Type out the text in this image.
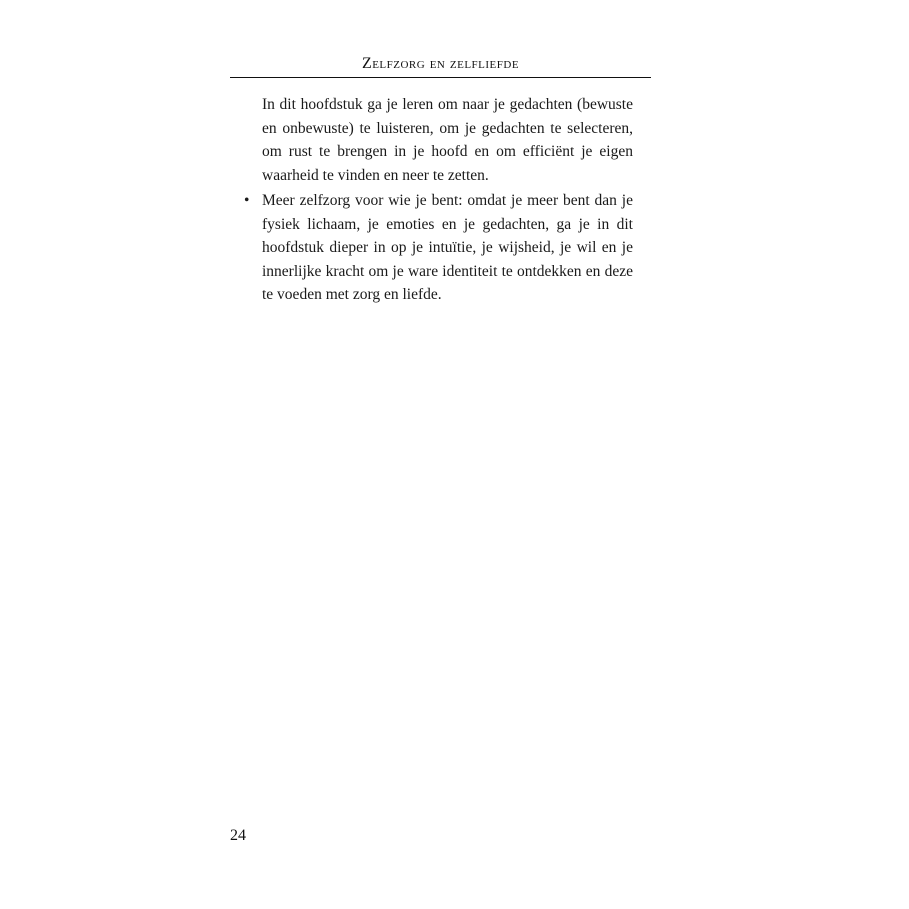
Zelfzorg en zelfliefde

In dit hoofdstuk ga je leren om naar je gedachten (bewuste en onbewuste) te luisteren, om je gedachten te selecteren, om rust te brengen in je hoofd en om efficiënt je eigen waarheid te vinden en neer te zetten.

• Meer zelfzorg voor wie je bent: omdat je meer bent dan je fysiek lichaam, je emoties en je gedachten, ga je in dit hoofdstuk dieper in op je intuïtie, je wijsheid, je wil en je innerlijke kracht om je ware identiteit te ontdekken en deze te voeden met zorg en liefde.

24
